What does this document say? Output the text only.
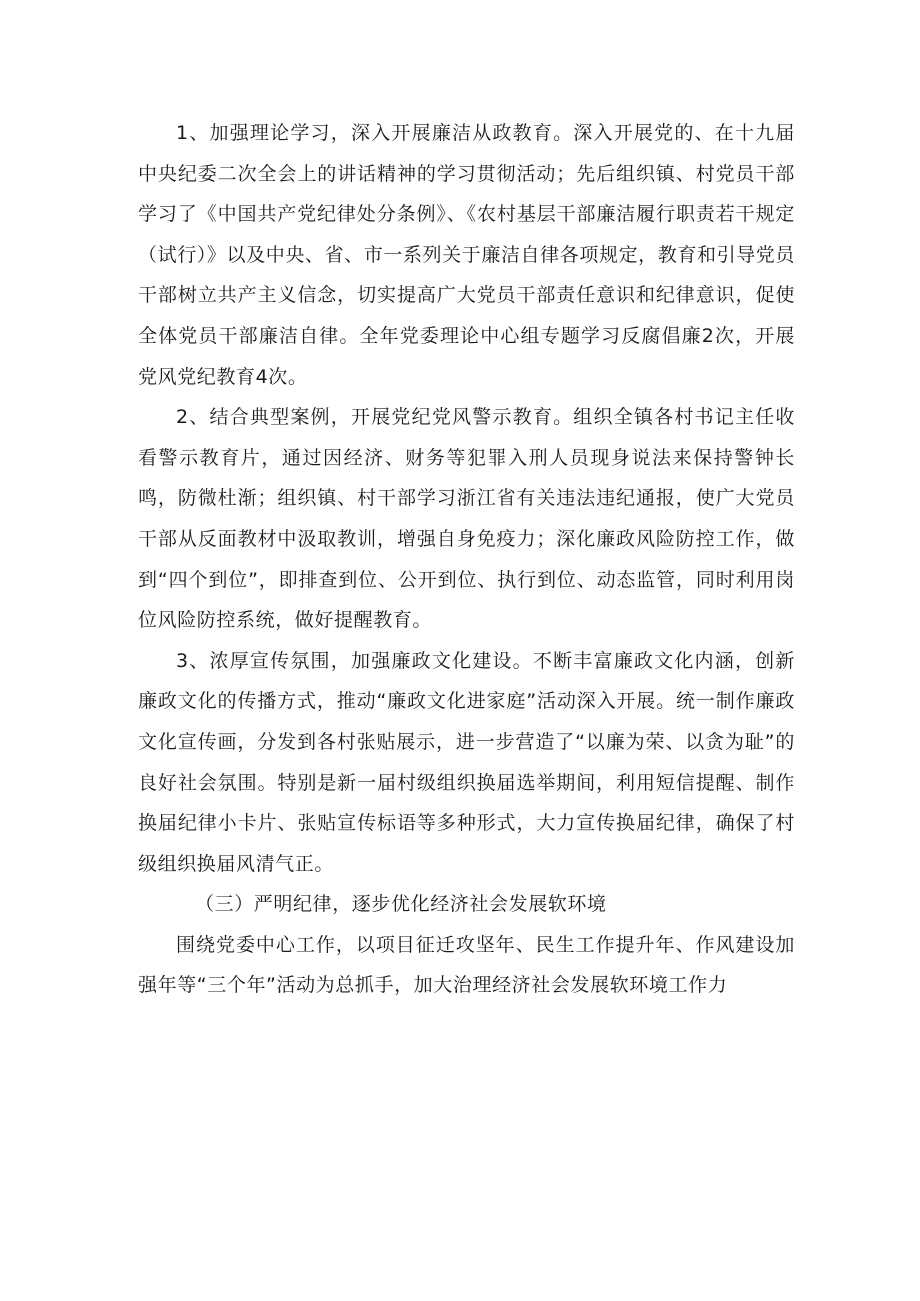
1、加强理论学习，深入开展廉洁从政教育。深入开展党的、在十九届中央纪委二次全会上的讲话精神的学习贯彻活动；先后组织镇、村党员干部学习了《中国共产党纪律处分条例》、《农村基层干部廉洁履行职责若干规定（试行）》以及中央、省、市一系列关于廉洁自律各项规定，教育和引导党员干部树立共产主义信念，切实提高广大党员干部责任意识和纪律意识，促使全体党员干部廉洁自律。全年党委理论中心组专题学习反腐倡廉2次，开展党风党纪教育4次。

2、结合典型案例，开展党纪党风警示教育。组织全镇各村书记主任收看警示教育片，通过因经济、财务等犯罪入刑人员现身说法来保持警钟长鸣，防微杜渐；组织镇、村干部学习浙江省有关违法违纪通报，使广大党员干部从反面教材中汲取教训，增强自身免疫力；深化廉政风险防控工作，做到“四个到位”，即排查到位、公开到位、执行到位、动态监管，同时利用岗位风险防控系统，做好提醒教育。

3、浓厚宣传氛围，加强廉政文化建设。不断丰富廉政文化内涵，创新廉政文化的传播方式，推动“廉政文化进家庭”活动深入开展。统一制作廉政文化宣传画，分发到各村张贴展示，进一步营造了“以廉为荣、以贪为耻”的良好社会氛围。特别是新一届村级组织换届选举期间，利用短信提醒、制作换届纪律小卡片、张贴宣传标语等多种形式，大力宣传换届纪律，确保了村级组织换届风清气正。

（三）严明纪律，逐步优化经济社会发展软环境

围绕党委中心工作，以项目征迁攻坚年、民生工作提升年、作风建设加强年等“三个年”活动为总抓手，加大治理经济社会发展软环境工作力
